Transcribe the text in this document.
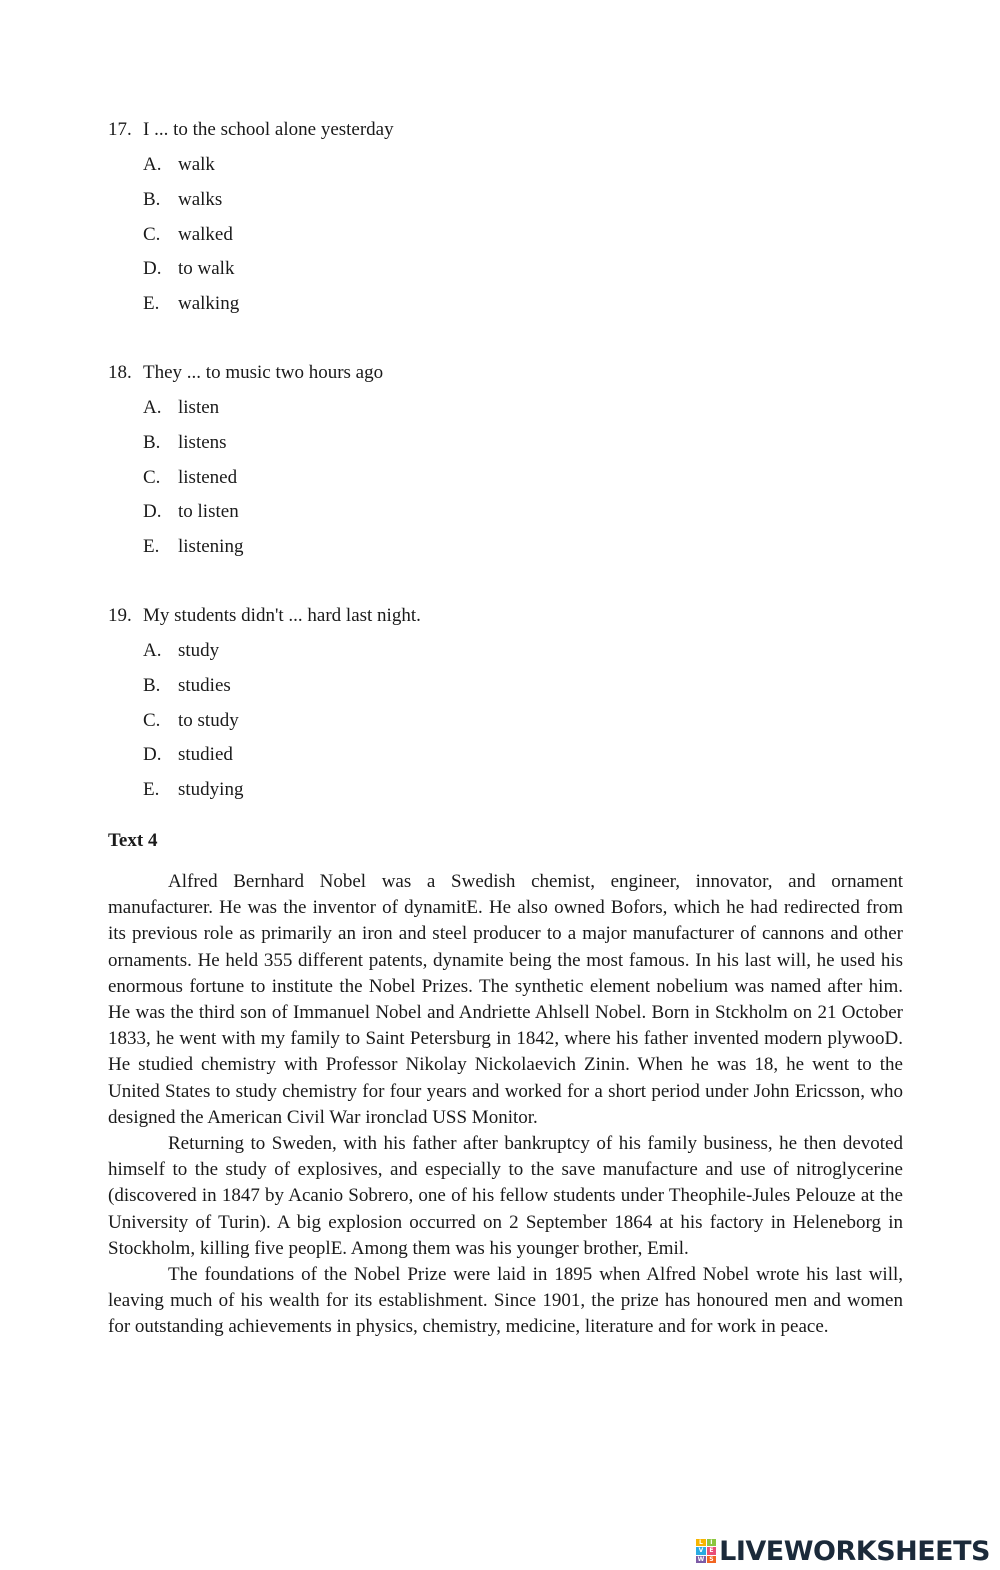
17. I ... to the school alone yesterday
A. walk
B. walks
C. walked
D. to walk
E. walking
18. They ... to music two hours ago
A. listen
B. listens
C. listened
D. to listen
E. listening
19. My students didn't ... hard last night.
A. study
B. studies
C. to study
D. studied
E. studying
Text 4

Alfred Bernhard Nobel was a Swedish chemist, engineer, innovator, and ornament manufacturer. He was the inventor of dynamitE. He also owned Bofors, which he had redirected from its previous role as primarily an iron and steel producer to a major manufacturer of cannons and other ornaments. He held 355 different patents, dynamite being the most famous. In his last will, he used his enormous fortune to institute the Nobel Prizes. The synthetic element nobelium was named after him. He was the third son of Immanuel Nobel and Andriette Ahlsell Nobel. Born in Stckholm on 21 October 1833, he went with my family to Saint Petersburg in 1842, where his father invented modern plywooD. He studied chemistry with Professor Nikolay Nickolaevich Zinin. When he was 18, he went to the United States to study chemistry for four years and worked for a short period under John Ericsson, who designed the American Civil War ironclad USS Monitor.

Returning to Sweden, with his father after bankruptcy of his family business, he then devoted himself to the study of explosives, and especially to the save manufacture and use of nitroglycerine (discovered in 1847 by Acanio Sobrero, one of his fellow students under Theophile-Jules Pelouze at the University of Turin). A big explosion occurred on 2 September 1864 at his factory in Heleneborg in Stockholm, killing five peoplE. Among them was his younger brother, Emil.

The foundations of the Nobel Prize were laid in 1895 when Alfred Nobel wrote his last will, leaving much of his wealth for its establishment. Since 1901, the prize has honoured men and women for outstanding achievements in physics, chemistry, medicine, literature and for work in peace.

L	I
V	E
W S LIVEWORKSHEETS
